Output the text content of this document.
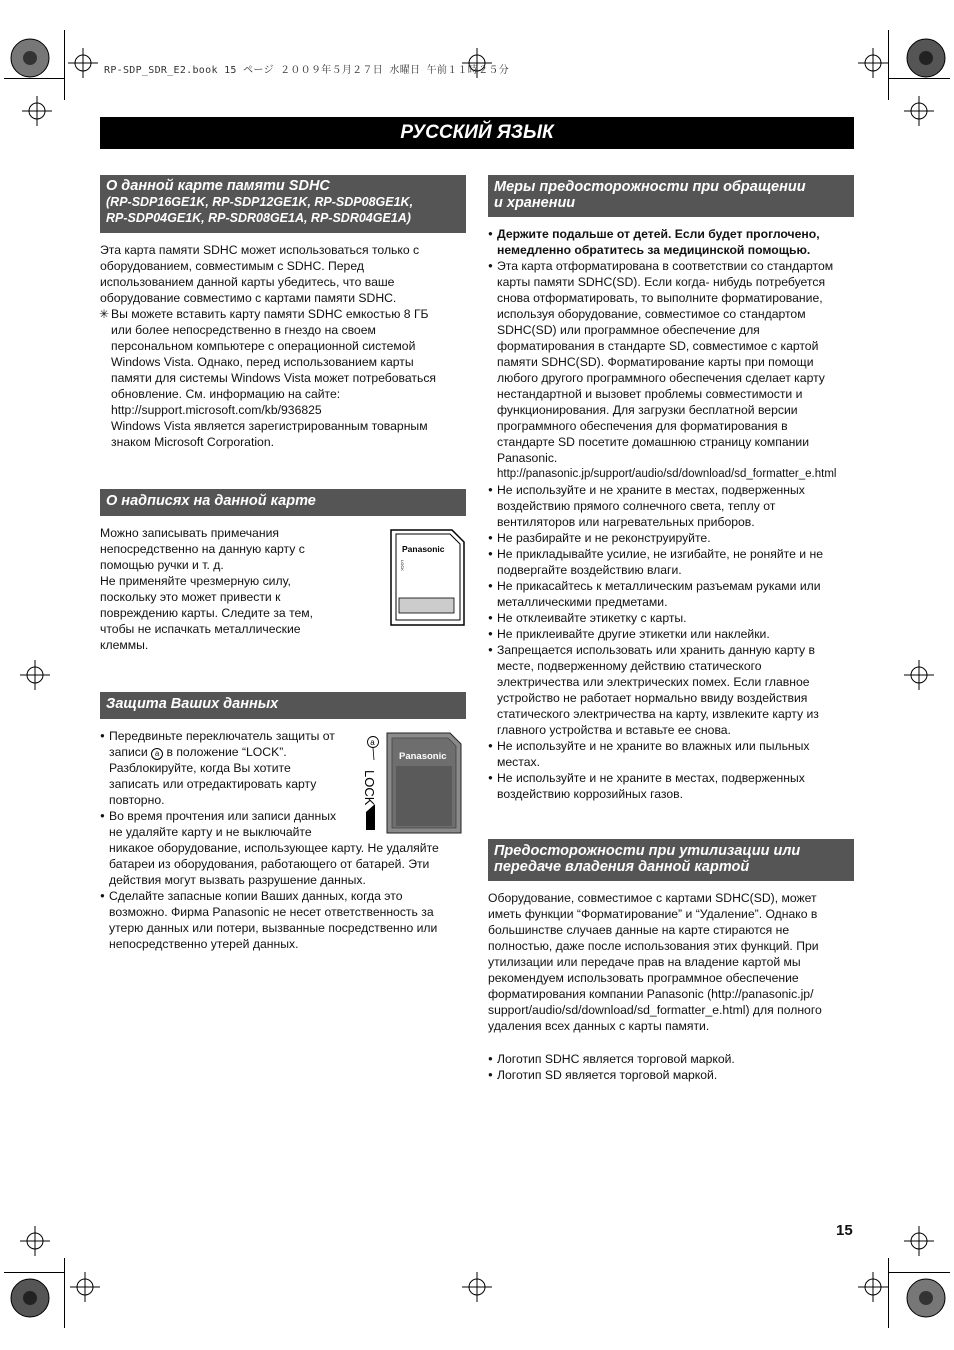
RP-SDP_SDR_E2.book 15 ページ ２００９年５月２７日 水曜日 午前１１時２５分
РУССКИЙ ЯЗЫК
О данной карте памяти SDHC
(RP-SDP16GE1K, RP-SDP12GE1K, RP-SDP08GE1K,
RP-SDP04GE1K, RP-SDR08GE1A, RP-SDR04GE1A)

Эта карта памяти SDHC может использоваться только с

оборудованием, совместимым с SDHC. Перед

использованием данной карты убедитесь, что ваше

оборудование совместимо с картами памяти SDHC.

✳ Вы можете вставить карту памяти SDHC емкостью 8 ГБ

или более непосредственно в гнездо на своем

персональном компьютере с операционной системой

Windows Vista. Однако, перед использованием карты

памяти для системы Windows Vista может потребоваться

обновление. См. информацию на сайте:

http://support.microsoft.com/kb/936825

Windows Vista является зарегистрированным товарным

знаком Microsoft Corporation.

О надписях на данной карте

Можно записывать примечания

непосредственно на данную карту с

помощью ручки и т. д.

Не применяйте чрезмерную силу,

поскольку это может привести к

повреждению карты. Следите за тем,

чтобы не испачкать металлические

клеммы.

Panasonic
LOCK
Защита Ваших данных

● Передвиньте переключатель защиты от

записи a в положение “LOCK”.

Разблокируйте, когда Вы хотите

записать или отредактировать карту

повторно.

● Во время прочтения или записи данных

не удаляйте карту и не выключайте

никакое оборудование, использующее карту. Не удаляйте

батареи из оборудования, работающего от батарей. Эти

действия могут вызвать разрушение данных.

● Сделайте запасные копии Ваших данных, когда это

возможно. Фирма Panasonic не несет ответственность за

утерю данных или потери, вызванные посредственно или

непосредственно утерей данных.

a
Panasonic
LOCK
Меры предосторожности при обращении
и хранении

● Держите подальше от детей. Если будет проглочено,

немедленно обратитесь за медицинской помощью.

● Эта карта отформатирована в соответствии со стандартом

карты памяти SDHC(SD). Если когда- нибудь потребуется

снова отформатировать, то выполните форматирование,

используя оборудование, совместимое со стандартом

SDHC(SD) или программное обеспечение для

форматирования в стандарте SD, совместимое с картой

памяти SDHC(SD). Форматирование карты при помощи

любого другого программного обеспечения сделает карту

нестандартной и вызовет проблемы совместимости и

функционирования. Для загрузки бесплатной версии

программного обеспечения для форматирования в

стандарте SD посетите домашнюю страницу компании

Panasonic.

http://panasonic.jp/support/audio/sd/download/sd_formatter_e.html

● Не используйте и не храните в местах, подверженных

воздействию прямого солнечного света, теплу от

вентиляторов или нагревательных приборов.

● Не разбирайте и не реконструируйте.

● Не прикладывайте усилие, не изгибайте, не роняйте и не

подвергайте воздействию влаги.

● Не прикасайтесь к металлическим разъемам руками или

металлическими предметами.

● Не отклеивайте этикетку с карты.

● Не приклеивайте другие этикетки или наклейки.

● Запрещается использовать или хранить данную карту в

месте, подверженному действию статического

электричества или электрических помех. Если главное

устройство не работает нормально ввиду воздействия

статического электричества на карту, извлеките карту из

главного устройства и вставьте ее снова.

● Не используйте и не храните во влажных или пыльных

местах.

● Не используйте и не храните в местах, подверженных

воздействию коррозийных газов.

Предосторожности при утилизации или
передаче владения данной картой

Оборудование, совместимое с картами SDHC(SD), может

иметь функции “Форматирование” и “Удаление”. Однако в

большинстве случаев данные на карте стираются не

полностью, даже после использования этих функций. При

утилизации или передаче прав на владение картой мы

рекомендуем использовать программное обеспечение

форматирования компании Panasonic (http://panasonic.jp/

support/audio/sd/download/sd_formatter_e.html) для полного

удаления всех данных с карты памяти.

● Логотип SDHC является торговой маркой.

● Логотип SD является торговой маркой.

15
